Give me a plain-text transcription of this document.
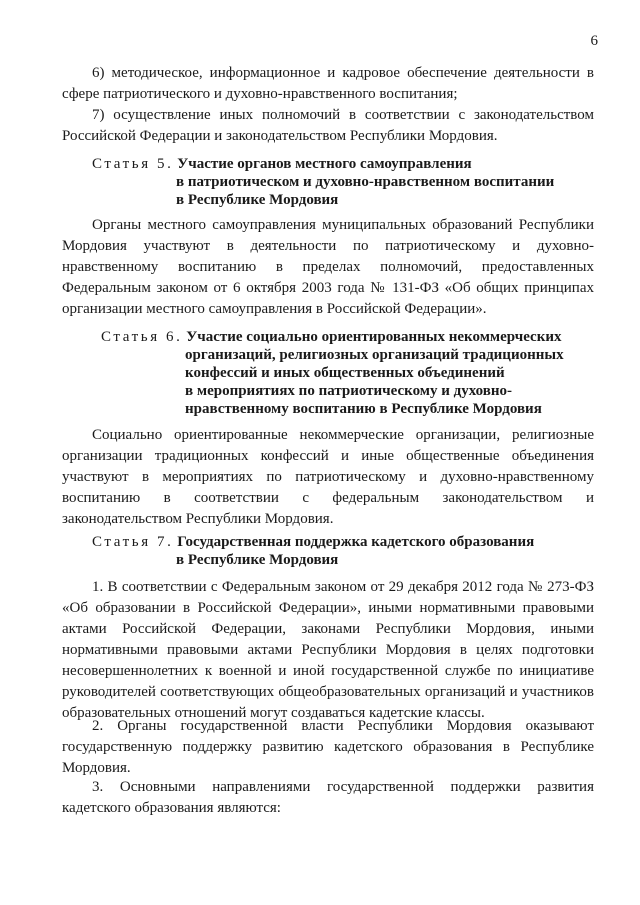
6

6) методическое, информационное и кадровое обеспечение деятельности в сфере патриотического и духовно-нравственного воспитания;

7) осуществление иных полномочий в соответствии с законодательством Российской Федерации и законодательством Республики Мордовия.

Статья 5. Участие органов местного самоуправления
в патриотическом и духовно-нравственном воспитании
в Республике Мордовия

Органы местного самоуправления муниципальных образований Республики Мордовия участвуют в деятельности по патриотическому и духовно-нравственному воспитанию в пределах полномочий, предоставленных Федеральным законом от 6 октября 2003 года № 131-ФЗ «Об общих принципах организации местного самоуправления в Российской Федерации».

Статья 6. Участие социально ориентированных некоммерческих
организаций, религиозных организаций традиционных
конфессий и иных общественных объединений
в мероприятиях по патриотическому и духовно-
нравственному воспитанию в Республике Мордовия

Социально ориентированные некоммерческие организации, религиозные организации традиционных конфессий и иные общественные объединения участвуют в мероприятиях по патриотическому и духовно-нравственному воспитанию в соответствии с федеральным законодательством и законодательством Республики Мордовия.

Статья 7. Государственная поддержка кадетского образования
в Республике Мордовия

1. В соответствии с Федеральным законом от 29 декабря 2012 года № 273-ФЗ «Об образовании в Российской Федерации», иными нормативными правовыми актами Российской Федерации, законами Республики Мордовия, иными нормативными правовыми актами Республики Мордовия в целях подготовки несовершеннолетних к военной и иной государственной службе по инициативе руководителей соответствующих общеобразовательных организаций и участников образовательных отношений могут создаваться кадетские классы.

2. Органы государственной власти Республики Мордовия оказывают государственную поддержку развитию кадетского образования в Республике Мордовия.

3. Основными направлениями государственной поддержки развития кадетского образования являются:
